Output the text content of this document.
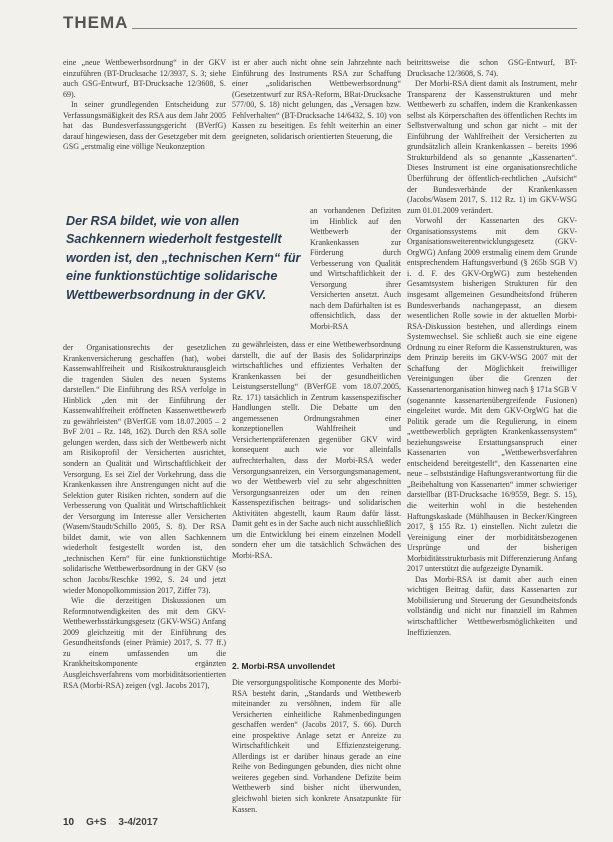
THEMA

eine „neue Wettbewerbsordnung“ in der GKV einzuführen (BT-Drucksache 12/3937, S. 3; siehe auch GSG-Entwurf, BT-Drucksache 12/3608, S. 69).

In seiner grundlegenden Entscheidung zur Verfassungsmäßigkeit des RSA aus dem Jahr 2005 hat das Bundesverfassungsgericht (BVerfG) darauf hingewiesen, dass der Gesetzgeber mit dem GSG „erstmalig eine völlige Neukonzeption

der Organisationsrechts der gesetzlichen Krankenversicherung geschaffen (hat), wobei Kassenwahlfreiheit und Risikostrukturausgleich die tragenden Säulen des neuen Systems darstellen.“ Die Einführung des RSA verfolge in Hinblick „den mit der Einführung der Kassenwahlfreiheit eröffneten Kassenwettbewerb zu gewährleisten“ (BVerfGE vom 18.07.2005 – 2 BvF 2/01 – Rz. 148, 162). Durch den RSA solle gelungen werden, dass sich der Wettbewerb nicht am Risikoprofil der Versicherten ausrichtet, sondern an Qualität und Wirtschaftlichkeit der Versorgung. Es sei Ziel der Vorkehrung, dass die Krankenkassen ihre Anstrengungen nicht auf die Selektion guter Risiken richten, sondern auf die Verbesserung von Qualität und Wirtschaftlichkeit der Versorgung im Interesse aller Versicherten (Wasem/Staudt/Schillo 2005, S. 8). Der RSA bildet damit, wie von allen Sachkennern wiederholt festgestellt worden ist, den „technischen Kern“ für eine funktionstüchtige solidarische Wettbewerbsordnung in der GKV (so schon Jacobs/Reschke 1992, S. 24 und jetzt wieder Monopolkommission 2017, Ziffer 73).

Wie die derzeitigen Diskussionen um Reformnotwendigkeiten des mit dem GKV-Wettbewerbsstärkungsgesetz (GKV-WSG) Anfang 2009 gleichzeitig mit der Einführung des Gesundheitsfonds (einer Prämie) 2017, S. 77 ff.) zu einem umfassenden um die Krankheitskomponente ergänzten Ausgleichsverfahrens vom morbiditätsorientierten RSA (Morbi-RSA) zeigen (vgl. Jacobs 2017),

ist er aber auch nicht ohne sein Jahrzehnte nach Einführung des Instruments RSA zur Schaffung einer „solidarischen Wettbewerbsordnung“ (Gesetzentwurf zur RSA-Reform, BRat-Drucksache 577/00, S. 18) nicht gelungen, das „Versagen bzw. Fehlverhalten“ (BT-Drucksache 14/6432, S. 10) von Kassen zu beseitigen. Es fehlt weiterhin an einer geeigneten, solidarisch orientierten Steuerung, die

an vorhandenen Defiziten im Hinblick auf den Wettbewerb der Krankenkassen zur Förderung durch Verbesserung von Qualität und Wirtschaftlichkeit der Versorgung ihrer Versicherten ansetzt. Auch nach dem Dafürhalten ist es offensichtlich, dass der Morbi-RSA

zu gewährleisten, dass er eine Wettbewerbsordnung darstellt, die auf der Basis des Solidarprinzips wirtschaftliches und effizientes Verhalten der Krankenkassen bei der gesundheitlichen Leistungserstellung“ (BVerfGE vom 18.07.2005, Rz. 171) tatsächlich in Zentrum kassenspezifischer Handlungen stellt. Die Debatte um den angemessenen Ordnungsrahmen einer konzeptionellen Wahlfreiheit und Versichertenpräferenzen gegenüber GKV wird konsequent auch wie vor alleinfalls aufrechterhalten, dass der Morbi-RSA weder Versorgungsanreizen, ein Versorgungsmanagement, wo der Wettbewerb viel zu sehr abgeschnitten Versorgungsanreizen oder um den reinen Kassenspezifischen beitrags- und solidarischen Aktivitäten abgestellt, kaum Raum dafür lässt. Damit geht es in der Sache auch nicht ausschließlich um die Entwicklung bei einem einzelnen Modell sondern eher um die tatsächlich Schwächen des Morbi-RSA.

2. Morbi-RSA unvollendet

Die versorgungspolitische Komponente des Morbi-RSA besteht darin, „Standards und Wettbewerb miteinander zu versöhnen, indem für alle Versicherten einheitliche Rahmenbedingungen geschaffen werden“ (Jacobs 2017, S. 66). Durch eine prospektive Anlage setzt er Anreize zu Wirtschaftlichkeit und Effizienzsteigerung. Allerdings ist er darüber hinaus gerade an eine Reihe von Bedingungen gebunden, dies nicht ohne weiteres gegeben sind. Vorhandene Defizite beim Wettbewerb sind bisher nicht überwunden, gleichwohl bieten sich konkrete Ansatzpunkte für Kassen.

beitrittsweise die schon GSG-Entwurf, BT-Drucksache 12/3608, S. 74).

Der Morbi-RSA dient damit als Instrument, mehr Transparenz der Kassenstrukturen und mehr Wettbewerb zu schaffen, indem die Krankenkassen selbst als Körperschaften des öffentlichen Rechts im Selbstverwaltung und schon gar nicht – mit der Einführung der Wahlfreiheit der Versicherten zu grundsätzlich allein Krankenkassen – bereits 1996 Strukturbildend als so genannte „Kassenarten“. Dieses Instrument ist eine organisationsrechtliche Überführung der öffentlich-rechtlichen „Aufsicht“ der Bundesverbände der Krankenkassen (Jacobs/Wasem 2017, S. 112 Rz. 1) im GKV-WSG zum 01.01.2009 verändert.

Vorwohl der Kassenarten des GKV-Organisationssystems mit dem GKV-Organisationsweiterentwicklungsgesetz (GKV-OrgWG) Anfang 2009 erstmalig einem dem Grunde entsprechendem Haftungsverbund (§ 265b SGB V) i. d. F. des GKV-OrgWG) zum bestehenden Gesamtsystem bisherigen Strukturen für den insgesamt allgemeinen Gesundheitsfond früheren Bundesverbands nachangepasst, an diesem wesentlichen Rolle sowie in der aktuellen Morbi-RSA-Diskussion bestehen, und allerdings einem Systemwechsel. Sie schließt auch sie eine eigene Ordnung zu einer Reform die Kassenstrukturen, was dem Prinzip bereits im GKV-WSG 2007 mit der Schaffung der Möglichkeit freiwilliger Vereinigungen über die Grenzen der Kassenartenorganisation hinweg nach § 171a SGB V (sogenannte kassenartenübergreifende Fusionen) eingeleitet wurde. Mit dem GKV-OrgWG hat die Politik gerade um die Regulierung, in einem „wettbewerblich geprägten Krankenkassensystem“ beziehungsweise Erstattungsanspruch einer Kassenarten von „Wettbewerbsverfahren entscheidend bereitgestellt“, den Kassenarten eine neue – selbstständige Haftungsverantwortung für die „Beibehaltung von Kassenarten“ immer schwieriger darstellbar (BT-Drucksache 16/9559, Begr. S. 15), die weiterhin wohl in die bestehenden Haftungskaskade (Mühlhausen in Becker/Kingreen 2017, § 155 Rz. 1) einstellen. Nicht zuletzt die Vereinigung einer der morbiditätsbezogenen Ursprünge und der bisherigen Morbiditätsstrukturbasis mit Differenzierung Anfang 2017 unterstützt die aufgezeigte Dynamik.

Das Morbi-RSA ist damit aber auch einen wichtigen Beitrag dafür, dass Kassenarten zur Mobilisierung und Steuerung der Gesundheitsfonds vollständig und nicht nur finanziell im Rahmen wirtschaftlicher Wettbewerbsmöglichkeiten und Ineffizienzen.

Der RSA bildet, wie von allen Sachkennern wiederholt festgestellt worden ist, den „technischen Kern“ für eine funktionstüchtige solidarische Wettbewerbsordnung in der GKV.
10 G+S 3-4/2017
